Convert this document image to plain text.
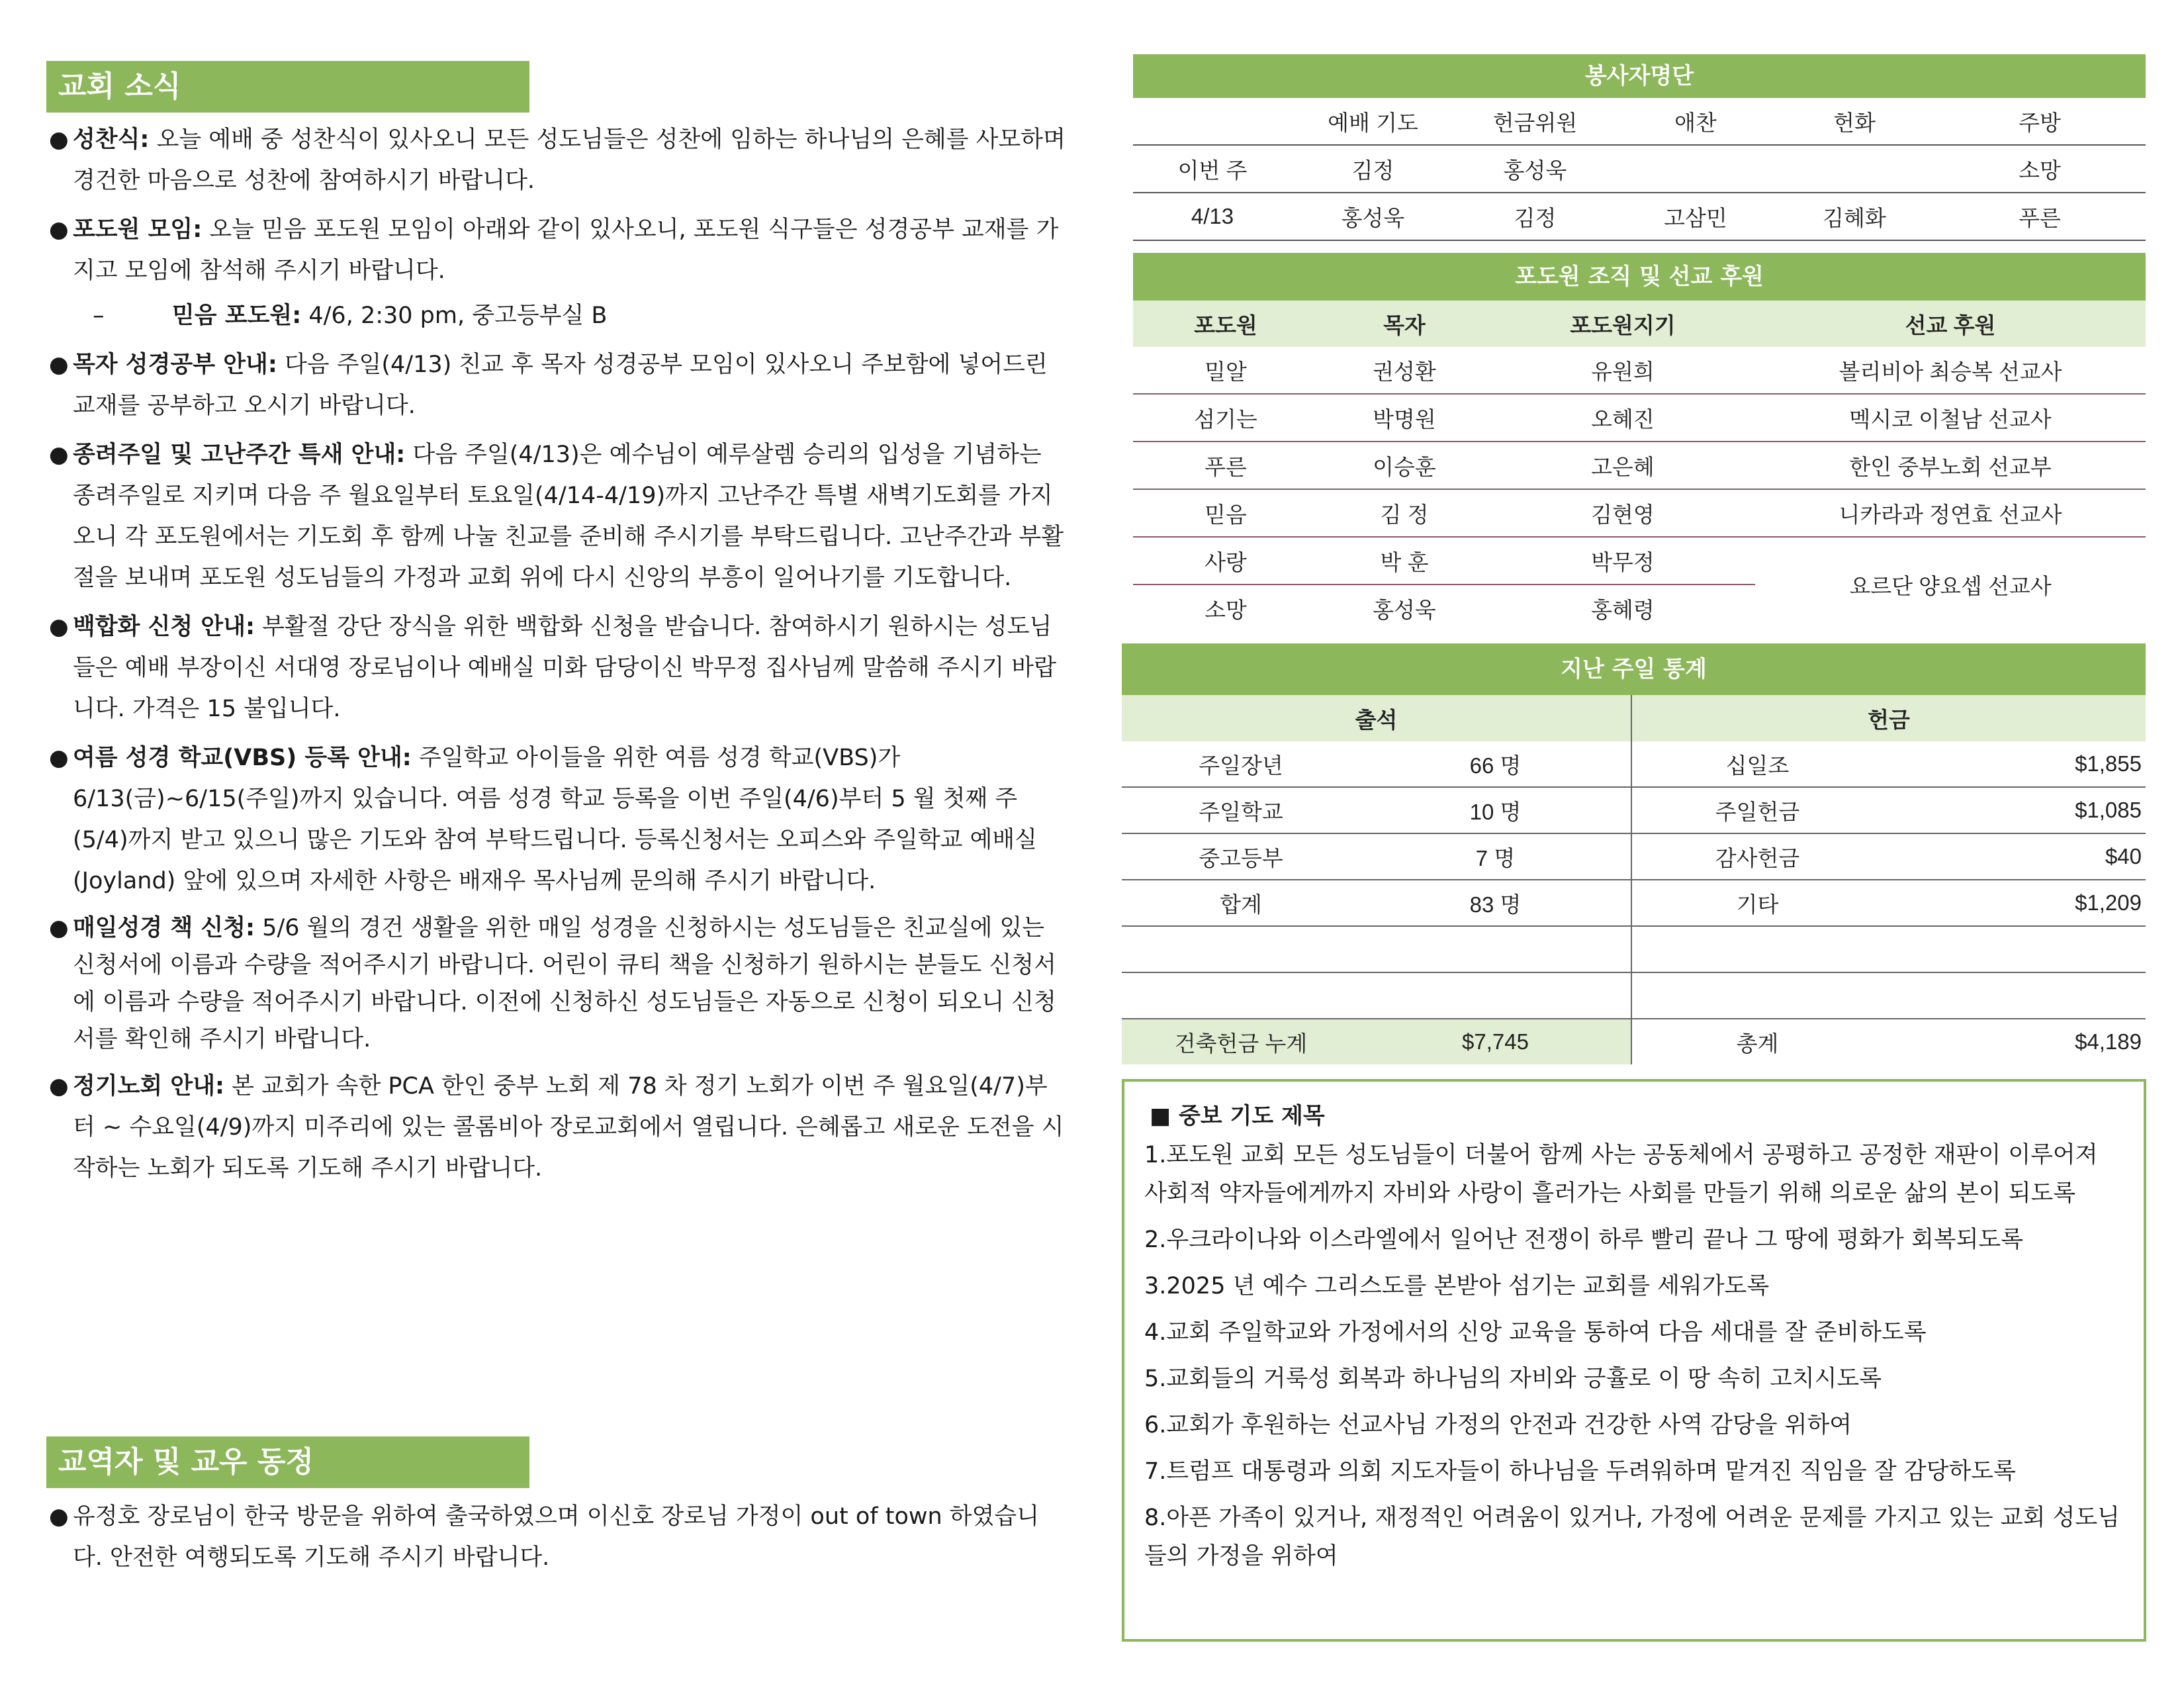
교회 소식
● 성찬식: 오늘 예배 중 성찬식이 있사오니 모든 성도님들은 성찬에 임하는 하나님의 은혜를 사모하며 경건한 마음으로 성찬에 참여하시기 바랍니다.
● 포도원 모임: 오늘 믿음 포도원 모임이 아래와 같이 있사오니, 포도원 식구들은 성경공부 교재를 가지고 모임에 참석해 주시기 바랍니다.
–	믿음 포도원: 4/6, 2:30 pm, 중고등부실 B
● 목자 성경공부 안내: 다음 주일(4/13) 친교 후 목자 성경공부 모임이 있사오니 주보함에 넣어드린 교재를 공부하고 오시기 바랍니다.
● 종려주일 및 고난주간 특새 안내: 다음 주일(4/13)은 예수님이 예루살렘 승리의 입성을 기념하는 종려주일로 지키며 다음 주 월요일부터 토요일(4/14-4/19)까지 고난주간 특별 새벽기도회를 가지오니 각 포도원에서는 기도회 후 함께 나눌 친교를 준비해 주시기를 부탁드립니다. 고난주간과 부활절을 보내며 포도원 성도님들의 가정과 교회 위에 다시 신앙의 부흥이 일어나기를 기도합니다.
● 백합화 신청 안내: 부활절 강단 장식을 위한 백합화 신청을 받습니다. 참여하시기 원하시는 성도님들은 예배 부장이신 서대영 장로님이나 예배실 미화 담당이신 박무정 집사님께 말씀해 주시기 바랍니다. 가격은 15 불입니다.
● 여름 성경 학교(VBS) 등록 안내: 주일학교 아이들을 위한 여름 성경 학교(VBS)가 6/13(금)~6/15(주일)까지 있습니다. 여름 성경 학교 등록을 이번 주일(4/6)부터 5 월 첫째 주(5/4)까지 받고 있으니 많은 기도와 참여 부탁드립니다. 등록신청서는 오피스와 주일학교 예배실(Joyland) 앞에 있으며 자세한 사항은 배재우 목사님께 문의해 주시기 바랍니다.
● 매일성경 책 신청: 5/6 월의 경건 생활을 위한 매일 성경을 신청하시는 성도님들은 친교실에 있는 신청서에 이름과 수량을 적어주시기 바랍니다. 어린이 큐티 책을 신청하기 원하시는 분들도 신청서에 이름과 수량을 적어주시기 바랍니다. 이전에 신청하신 성도님들은 자동으로 신청이 되오니 신청서를 확인해 주시기 바랍니다.
● 정기노회 안내: 본 교회가 속한 PCA 한인 중부 노회 제 78 차 정기 노회가 이번 주 월요일(4/7)부터 ~ 수요일(4/9)까지 미주리에 있는 콜롬비아 장로교회에서 열립니다. 은혜롭고 새로운 도전을 시작하는 노회가 되도록 기도해 주시기 바랍니다.
교역자 및 교우 동정
● 유정호 장로님이 한국 방문을 위하여 출국하였으며 이신호 장로님 가정이 out of town 하였습니다. 안전한 여행되도록 기도해 주시기 바랍니다.
봉사자명단
	예배 기도	헌금위원	애찬	헌화	주방
이번 주	김정	홍성욱			소망
4/13	홍성욱	김정	고삼민	김혜화	푸른
포도원 조직 및 선교 후원
포도원	목자	포도원지기	선교 후원
밀알	권성환	유원희	볼리비아 최승복 선교사
섬기는	박명원	오혜진	멕시코 이철남 선교사
푸른	이승훈	고은혜	한인 중부노회 선교부
믿음	김 정	김현영	니카라과 정연효 선교사
사랑	박 훈	박무정	요르단 양요셉 선교사
소망	홍성욱	홍혜령	
지난 주일 통계
출석		헌금	
주일장년	66 명	십일조	$1,855
주일학교	10 명	주일헌금	$1,085
중고등부	7 명	감사헌금	$40
합계	83 명	기타	$1,209

건축헌금 누계	$7,745	총계	$4,189
■ 중보 기도 제목
1.포도원 교회 모든 성도님들이 더불어 함께 사는 공동체에서 공평하고 공정한 재판이 이루어져 사회적 약자들에게까지 자비와 사랑이 흘러가는 사회를 만들기 위해 의로운 삶의 본이 되도록
2.우크라이나와 이스라엘에서 일어난 전쟁이 하루 빨리 끝나 그 땅에 평화가 회복되도록
3.2025 년 예수 그리스도를 본받아 섬기는 교회를 세워가도록
4.교회 주일학교와 가정에서의 신앙 교육을 통하여 다음 세대를 잘 준비하도록
5.교회들의 거룩성 회복과 하나님의 자비와 긍휼로 이 땅 속히 고치시도록
6.교회가 후원하는 선교사님 가정의 안전과 건강한 사역 감당을 위하여
7.트럼프 대통령과 의회 지도자들이 하나님을 두려워하며 맡겨진 직임을 잘 감당하도록
8.아픈 가족이 있거나, 재정적인 어려움이 있거나, 가정에 어려운 문제를 가지고 있는 교회 성도님들의 가정을 위하여
